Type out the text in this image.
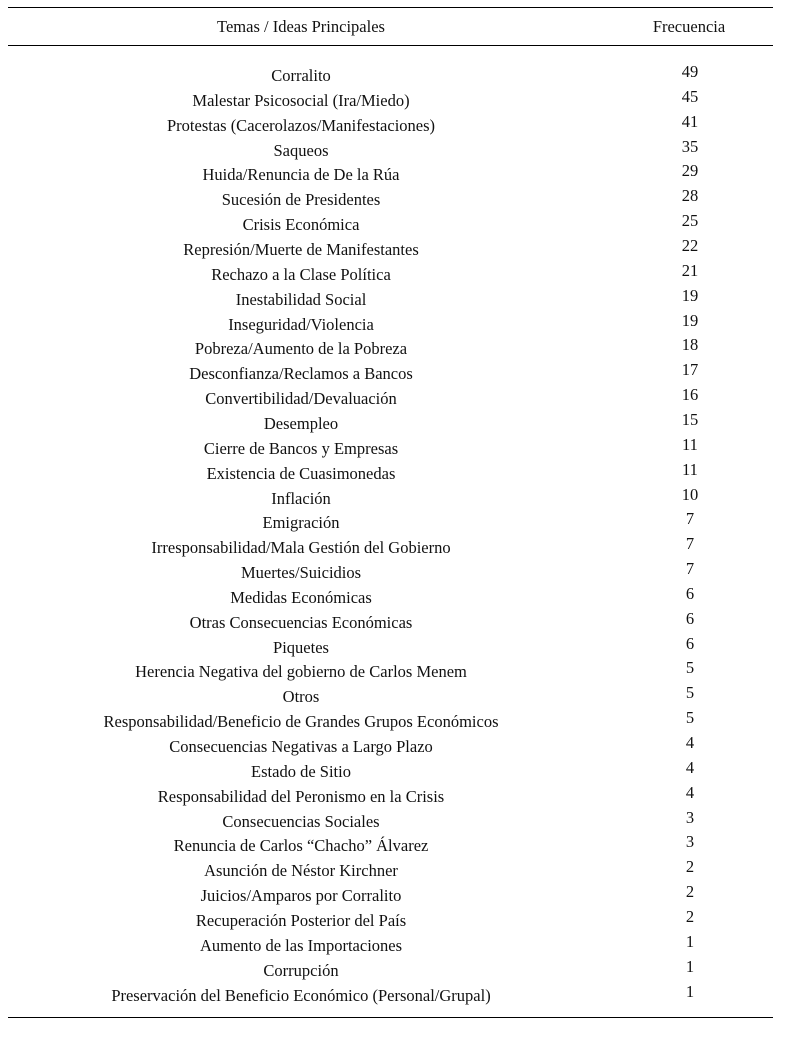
Temas / Ideas Principales	Frecuencia
Corralito	49
Malestar Psicosocial (Ira/Miedo)	45
Protestas (Cacerolazos/Manifestaciones)	41
Saqueos	35
Huida/Renuncia de De la Rúa	29
Sucesión de Presidentes	28
Crisis Económica	25
Represión/Muerte de Manifestantes	22
Rechazo a la Clase Política	21
Inestabilidad Social	19
Inseguridad/Violencia	19
Pobreza/Aumento de la Pobreza	18
Desconfianza/Reclamos a Bancos	17
Convertibilidad/Devaluación	16
Desempleo	15
Cierre de Bancos y Empresas	11
Existencia de Cuasimonedas	11
Inflación	10
Emigración	7
Irresponsabilidad/Mala Gestión del Gobierno	7
Muertes/Suicidios	7
Medidas Económicas	6
Otras Consecuencias Económicas	6
Piquetes	6
Herencia Negativa del gobierno de Carlos Menem	5
Otros	5
Responsabilidad/Beneficio de Grandes Grupos Económicos	5
Consecuencias Negativas a Largo Plazo	4
Estado de Sitio	4
Responsabilidad del Peronismo en la Crisis	4
Consecuencias Sociales	3
Renuncia de Carlos “Chacho” Álvarez	3
Asunción de Néstor Kirchner	2
Juicios/Amparos por Corralito	2
Recuperación Posterior del País	2
Aumento de las Importaciones	1
Corrupción	1
Preservación del Beneficio Económico (Personal/Grupal)	1
